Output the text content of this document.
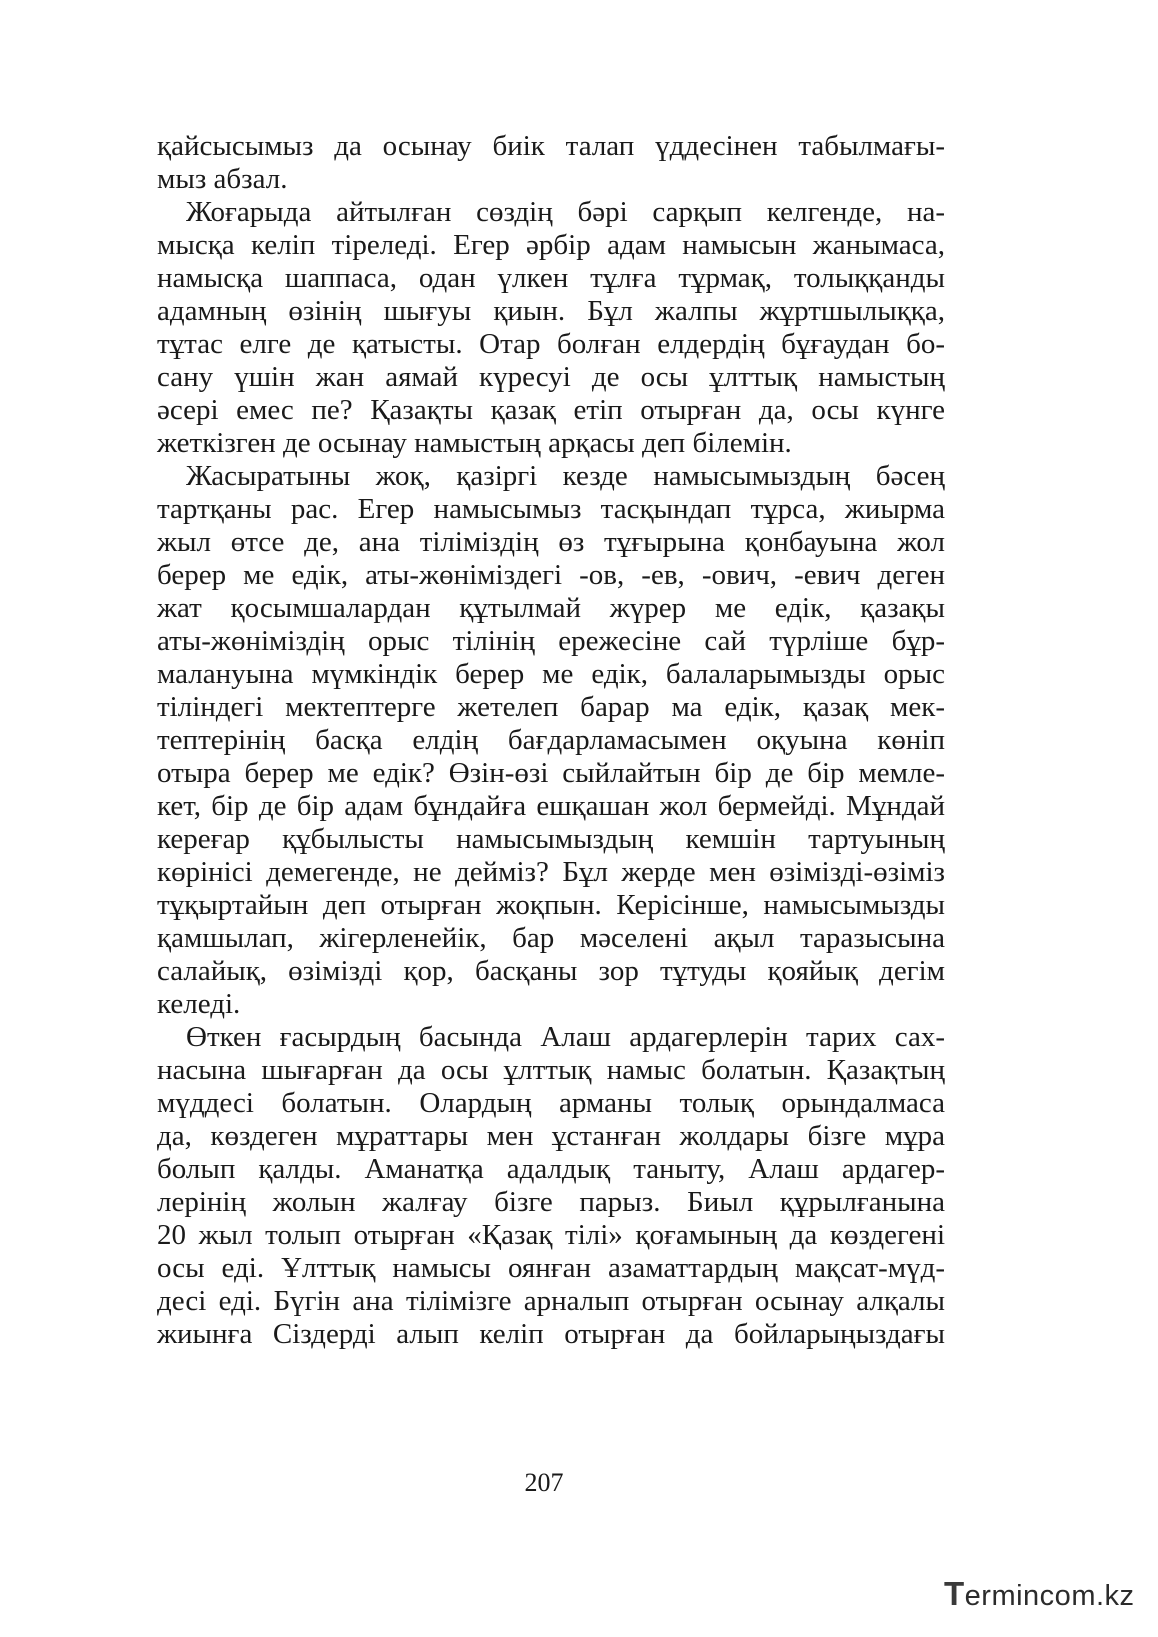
қайсысымыз да осынау биік талап үддесінен табылмағы-
мыз абзал.
Жоғарыда айтылған сөздің бәрі сарқып келгенде, на-
мысқа келіп тіреледі. Егер әрбір адам намысын жанымаса,
намысқа шаппаса, одан үлкен тұлға тұрмақ, толыққанды
адамның өзінің шығуы қиын. Бұл жалпы жұртшылыққа,
тұтас елге де қатысты. Отар болған елдердің бұғаудан бо-
сану үшін жан аямай күресуі де осы ұлттық намыстың
әсері емес пе? Қазақты қазақ етіп отырған да, осы күнге
жеткізген де осынау намыстың арқасы деп білемін.
Жасыратыны жоқ, қазіргі кезде намысымыздың бәсең
тартқаны рас. Егер намысымыз тасқындап тұрса, жиырма
жыл өтсе де, ана тіліміздің өз тұғырына қонбауына жол
берер ме едік, аты-жөніміздегі -ов, -ев, -ович, -евич деген
жат қосымшалардан құтылмай жүрер ме едік, қазақы
аты-жөніміздің орыс тілінің ережесіне сай түрліше бұр-
малануына мүмкіндік берер ме едік, балаларымызды орыс
тіліндегі мектептерге жетелеп барар ма едік, қазақ мек-
тептерінің басқа елдің бағдарламасымен оқуына көніп
отыра берер ме едік? Өзін-өзі сыйлайтын бір де бір мемле-
кет, бір де бір адам бұндайға ешқашан жол бермейді. Мұндай
кереғар құбылысты намысымыздың кемшін тартуының
көрінісі демегенде, не дейміз? Бұл жерде мен өзімізді-өзіміз
тұқыртайын деп отырған жоқпын. Керісінше, намысымызды
қамшылап, жігерленейік, бар мәселені ақыл таразысына
салайық, өзімізді қор, басқаны зор тұтуды қояйық дегім
келеді.
Өткен ғасырдың басында Алаш ардагерлерін тарих сах-
насына шығарған да осы ұлттық намыс болатын. Қазақтың
мүддесі болатын. Олардың арманы толық орындалмаса
да, көздеген мұраттары мен ұстанған жолдары бізге мұра
болып қалды. Аманатқа адалдық таныту, Алаш ардагер-
лерінің жолын жалғау бізге парыз. Биыл құрылғанына
20 жыл толып отырған «Қазақ тілі» қоғамының да көздегені
осы еді. Ұлттық намысы оянған азаматтардың мақсат-мүд-
десі еді. Бүгін ана тілімізге арналып отырған осынау алқалы
жиынға Сіздерді алып келіп отырған да бойларыңыздағы
207
Termincom.kz
